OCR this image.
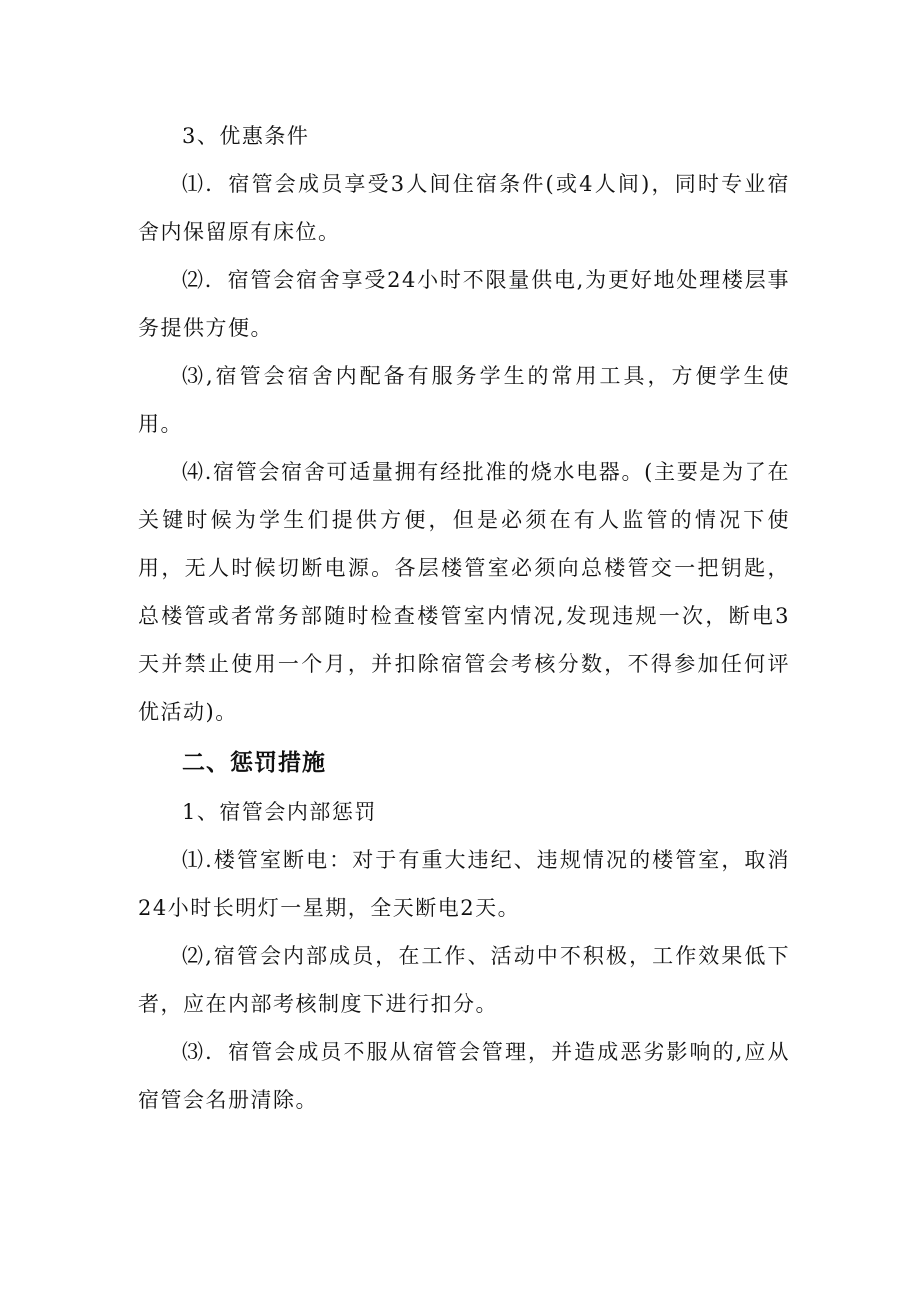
3、优惠条件

⑴．宿管会成员享受3人间住宿条件(或4人间)，同时专业宿舍内保留原有床位。

⑵．宿管会宿舍享受24小时不限量供电,为更好地处理楼层事务提供方便。

⑶,宿管会宿舍内配备有服务学生的常用工具，方便学生使用。

⑷.宿管会宿舍可适量拥有经批准的烧水电器。(主要是为了在关键时候为学生们提供方便，但是必须在有人监管的情况下使用，无人时候切断电源。各层楼管室必须向总楼管交一把钥匙，总楼管或者常务部随时检查楼管室内情况,发现违规一次，断电3天并禁止使用一个月，并扣除宿管会考核分数，不得参加任何评优活动)。

二、惩罚措施

1、宿管会内部惩罚

⑴.楼管室断电：对于有重大违纪、违规情况的楼管室，取消24小时长明灯一星期，全天断电2天。

⑵,宿管会内部成员，在工作、活动中不积极，工作效果低下者，应在内部考核制度下进行扣分。

⑶．宿管会成员不服从宿管会管理，并造成恶劣影响的,应从宿管会名册清除。
